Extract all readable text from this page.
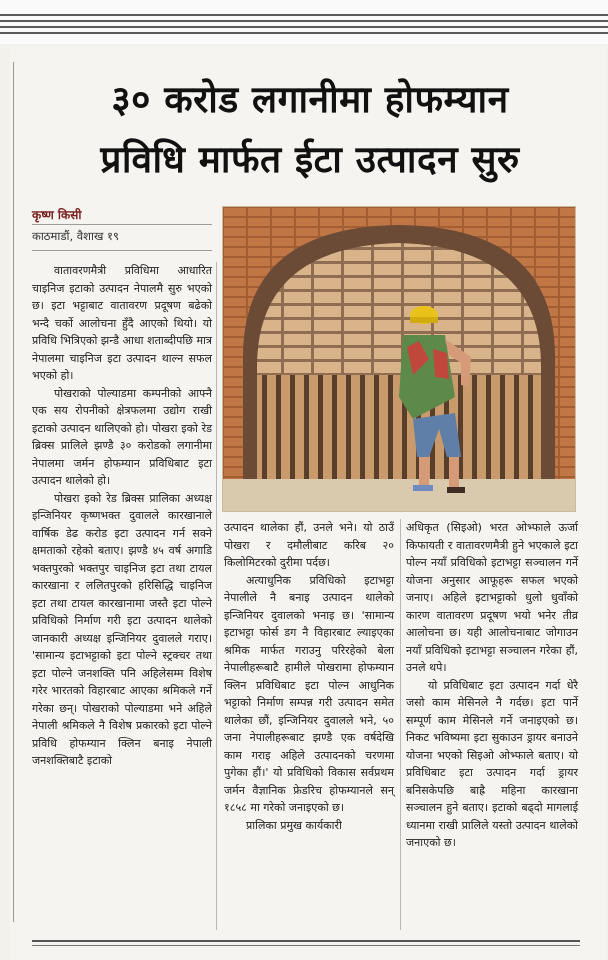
३० करोड लगानीमा होफम्यान
प्रविधि मार्फत ईटा उत्पादन सुरु
कृष्ण किसी
काठमाडौं, वैशाख १९

वातावरणमैत्री प्रविधिमा आधारित चाइनिज इटाको उत्पादन नेपालमै सुरु भएको छ। इटा भट्टाबाट वातावरण प्रदूषण बढेको भन्दै चर्को आलोचना हुँदै आएको थियो। यो प्रविधि भित्रिएको झन्डै आधा शताब्दीपछि मात्र नेपालमा चाइनिज इटा उत्पादन थाल्न सफल भएको हो।

पोखराको पोल्याडमा कम्पनीको आफ्नै एक सय रोपनीको क्षेत्रफलमा उद्योग राखी इटाको उत्पादन थालिएको हो। पोखरा इको रेड ब्रिक्स प्रालिले झण्डै ३० करोडको लगानीमा नेपालमा जर्मन होफम्यान प्रविधिबाट इटा उत्पादन थालेको हो।

पोखरा इको रेड ब्रिक्स प्रालिका अध्यक्ष इन्जिनियर कृष्णभक्त दुवालले कारखानाले वार्षिक डेढ करोड इटा उत्पादन गर्न सक्ने क्षमताको रहेको बताए। झण्डै ४५ वर्ष अगाडि भक्तपुरको भक्तपुर चाइनिज इटा तथा टायल कारखाना र ललितपुरको हरिसिद्धि चाइनिज इटा तथा टायल कारखानामा जस्तै इटा पोल्ने प्रविधिको निर्माण गरी इटा उत्पादन थालेको जानकारी अध्यक्ष इन्जिनियर दुवालले गराए। 'सामान्य इटाभट्टाको इटा पोल्ने स्ट्रक्चर तथा इटा पोल्ने जनशक्ति पनि अहिलेसम्म विशेष गरेर भारतको विहारबाट आएका श्रमिकले गर्ने गरेका छन्। पोखराको पोल्याडमा भने अहिले नेपाली श्रमिकले नै विशेष प्रकारको इटा पोल्ने प्रविधि होफम्यान क्लिन बनाइ नेपाली जनशक्तिबाटै इटाको

उत्पादन थालेका हौं, उनले भने। यो ठाउँ पोखरा र दमौलीबाट करिब २० किलोमिटरको दुरीमा पर्दछ।

अत्याधुनिक प्रविधिको इटाभट्टा नेपालीले नै बनाइ उत्पादन थालेको इन्जिनियर दुवालको भनाइ छ। 'सामान्य इटाभट्टा फोर्स डग नै विहारबाट ल्याइएका श्रमिक मार्फत गराउनु परिरहेको बेला नेपालीहरूबाटै हामीले पोखरामा होफम्यान क्लिन प्रविधिबाट इटा पोल्न आधुनिक भट्टाको निर्माण सम्पन्न गरी उत्पादन समेत थालेका छौं, इन्जिनियर दुवालले भने, ५० जना नेपालीहरूबाट झण्डै एक वर्षदेखि काम गराइ अहिले उत्पादनको चरणमा पुगेका हौं।' यो प्रविधिको विकास सर्वप्रथम जर्मन वैज्ञानिक फ्रेडरिच होफम्यानले सन् १८५८ मा गरेको जनाइएको छ।

प्रालिका प्रमुख कार्यकारी

अधिकृत (सिइओ) भरत ओभ्फाले ऊर्जा किफायती र वातावरणमैत्री हुने भएकाले इटा पोल्न नयाँ प्रविधिको इटाभट्टा सञ्चालन गर्ने योजना अनुसार आफूहरू सफल भएको जनाए। अहिले इटाभट्टाको धुलो धुवाँको कारण वातावरण प्रदूषण भयो भनेर तीव्र आलोचना छ। यही आलोचनाबाट जोगाउन नयाँ प्रविधिको इटाभट्टा सञ्चालन गरेका हौं, उनले थपे।

यो प्रविधिबाट इटा उत्पादन गर्दा धेरै जसो काम मेसिनले नै गर्दछ। इटा पार्ने सम्पूर्ण काम मेसिनले गर्ने जनाइएको छ। निकट भविष्यमा इटा सुकाउन ड्रायर बनाउने योजना भएको सिइओ ओभ्फाले बताए। यो प्रविधिबाट इटा उत्पादन गर्दा ड्रायर बनिसकेपछि बाह्रै महिना कारखाना सञ्चालन हुने बताए। इटाको बढ्दो मागलाई ध्यानमा राखी प्रालिले यस्तो उत्पादन थालेको जनाएको छ।
